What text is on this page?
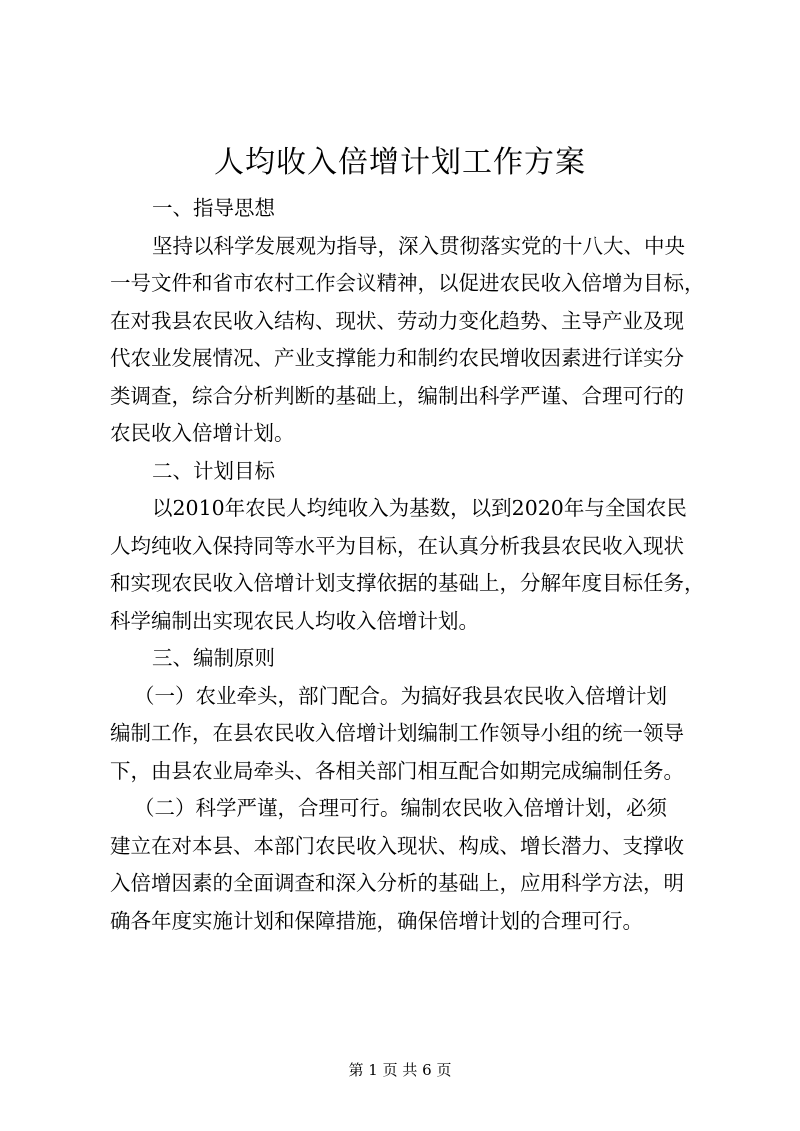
人均收入倍增计划工作方案
一、指导思想
坚持以科学发展观为指导，深入贯彻落实党的十八大、中央
一号文件和省市农村工作会议精神，以促进农民收入倍增为目标，
在对我县农民收入结构、现状、劳动力变化趋势、主导产业及现
代农业发展情况、产业支撑能力和制约农民增收因素进行详实分
类调查，综合分析判断的基础上，编制出科学严谨、合理可行的
农民收入倍增计划。
二、计划目标
以2010年农民人均纯收入为基数，以到2020年与全国农民
人均纯收入保持同等水平为目标，在认真分析我县农民收入现状
和实现农民收入倍增计划支撑依据的基础上，分解年度目标任务，
科学编制出实现农民人均收入倍增计划。
三、编制原则
（一）农业牵头，部门配合。为搞好我县农民收入倍增计划
编制工作，在县农民收入倍增计划编制工作领导小组的统一领导
下，由县农业局牵头、各相关部门相互配合如期完成编制任务。
（二）科学严谨，合理可行。编制农民收入倍增计划，必须
建立在对本县、本部门农民收入现状、构成、增长潜力、支撑收
入倍增因素的全面调查和深入分析的基础上，应用科学方法，明
确各年度实施计划和保障措施，确保倍增计划的合理可行。
第 1 页 共 6 页
